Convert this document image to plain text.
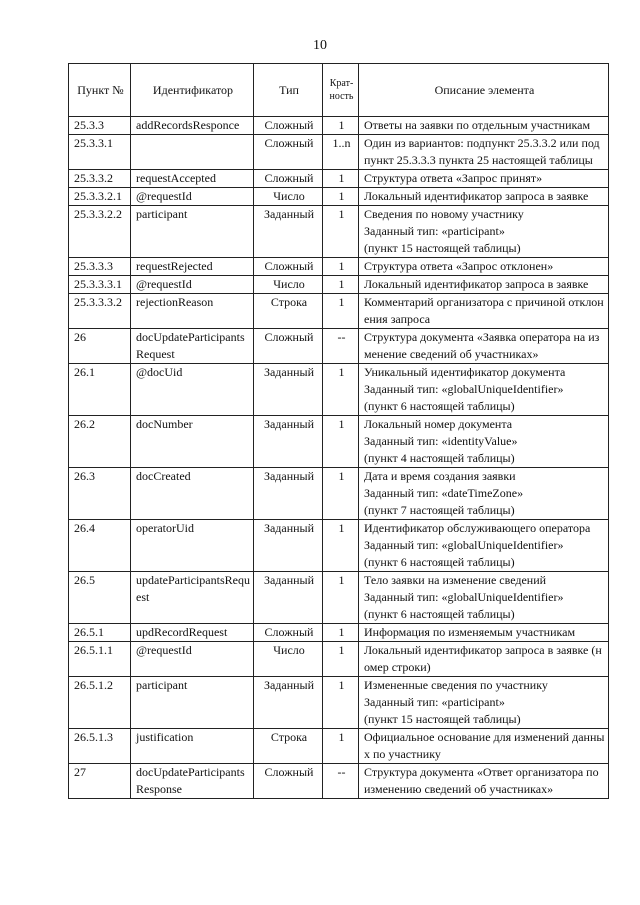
10
Пункт №	Идентификатор	Тип	Крат-ность	Описание элемента
25.3.3	addRecordsResponce	Сложный	1	Ответы на заявки по отдельным участникам

25.3.3.1		Сложный	1..n	Один из вариантов: подпункт 25.3.3.2 или подпункт 25.3.3.3 пункта 25 настоящей таблицы

25.3.3.2	requestAccepted	Сложный	1	Структура ответа «Запрос принят»

25.3.3.2.1	@requestId	Число	1	Локальный идентификатор запроса в заявке

25.3.3.2.2	participant	Заданный	1	Сведения по новому участнику
Заданный тип: «participant»
(пункт 15 настоящей таблицы)

25.3.3.3	requestRejected	Сложный	1	Структура ответа «Запрос отклонен»

25.3.3.3.1	@requestId	Число	1	Локальный идентификатор запроса в заявке

25.3.3.3.2	rejectionReason	Строка	1	Комментарий организатора с причиной отклонения запроса

26	docUpdateParticipantsRequest	Сложный	--	Структура документа «Заявка оператора на изменение сведений об участниках»

26.1	@docUid	Заданный	1	Уникальный идентификатор документа
Заданный тип: «globalUniqueIdentifier»
(пункт 6 настоящей таблицы)

26.2	docNumber	Заданный	1	Локальный номер документа
Заданный тип: «identityValue»
(пункт 4 настоящей таблицы)

26.3	docCreated	Заданный	1	Дата и время создания заявки
Заданный тип: «dateTimeZone»
(пункт 7 настоящей таблицы)

26.4	operatorUid	Заданный	1	Идентификатор обслуживающего оператора
Заданный тип: «globalUniqueIdentifier»
(пункт 6 настоящей таблицы)

26.5	updateParticipantsRequest	Заданный	1	Тело заявки на изменение сведений
Заданный тип: «globalUniqueIdentifier»
(пункт 6 настоящей таблицы)

26.5.1	updRecordRequest	Сложный	1	Информация по изменяемым участникам

26.5.1.1	@requestId	Число	1	Локальный идентификатор запроса в заявке (номер строки)

26.5.1.2	participant	Заданный	1	Измененные сведения по участнику
Заданный тип: «participant»
(пункт 15 настоящей таблицы)

26.5.1.3	justification	Строка	1	Официальное основание для изменений данных по участнику

27	docUpdateParticipantsResponse	Сложный	--	Структура документа «Ответ организатора по изменению сведений об участниках»
